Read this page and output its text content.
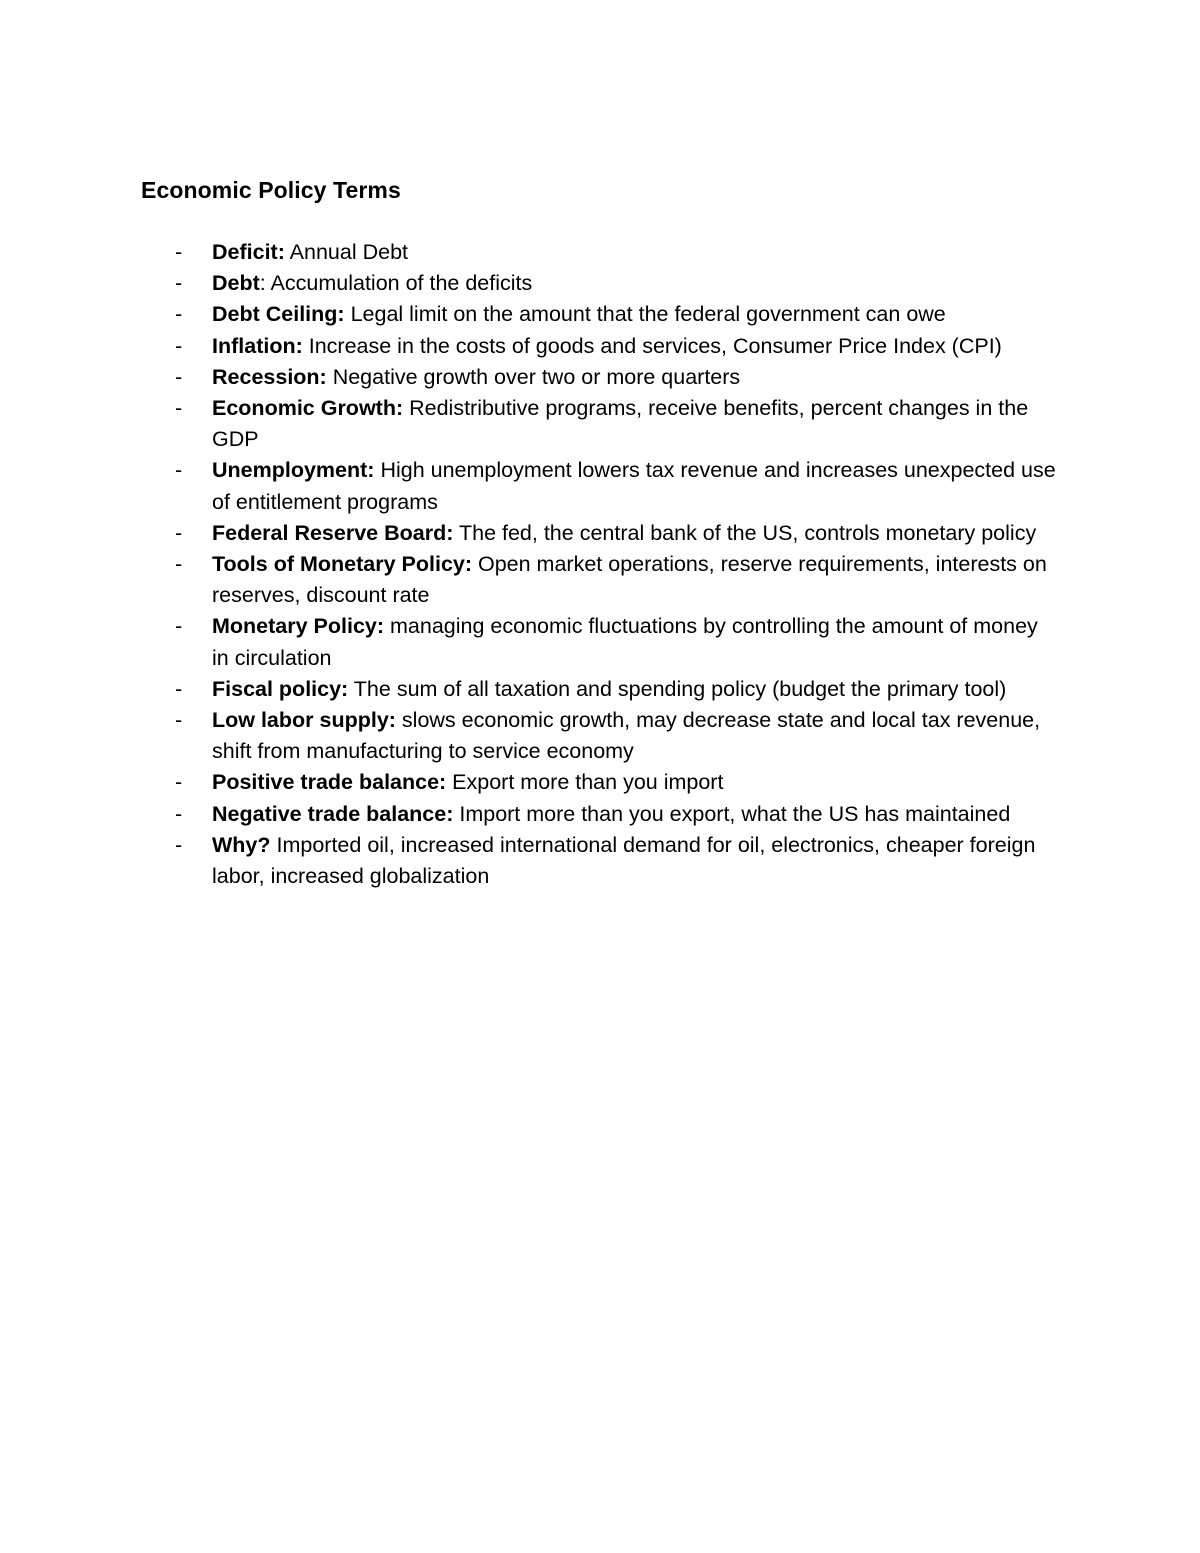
Economic Policy Terms
- Deficit: Annual Debt
- Debt: Accumulation of the deficits
- Debt Ceiling: Legal limit on the amount that the federal government can owe
- Inflation: Increase in the costs of goods and services, Consumer Price Index (CPI)
- Recession: Negative growth over two or more quarters
- Economic Growth: Redistributive programs, receive benefits, percent changes in the GDP
- Unemployment: High unemployment lowers tax revenue and increases unexpected use of entitlement programs
- Federal Reserve Board: The fed, the central bank of the US, controls monetary policy
- Tools of Monetary Policy: Open market operations, reserve requirements, interests on reserves, discount rate
- Monetary Policy: managing economic fluctuations by controlling the amount of money in circulation
- Fiscal policy: The sum of all taxation and spending policy (budget the primary tool)
- Low labor supply: slows economic growth, may decrease state and local tax revenue, shift from manufacturing to service economy
- Positive trade balance: Export more than you import
- Negative trade balance: Import more than you export, what the US has maintained
- Why? Imported oil, increased international demand for oil, electronics, cheaper foreign labor, increased globalization
